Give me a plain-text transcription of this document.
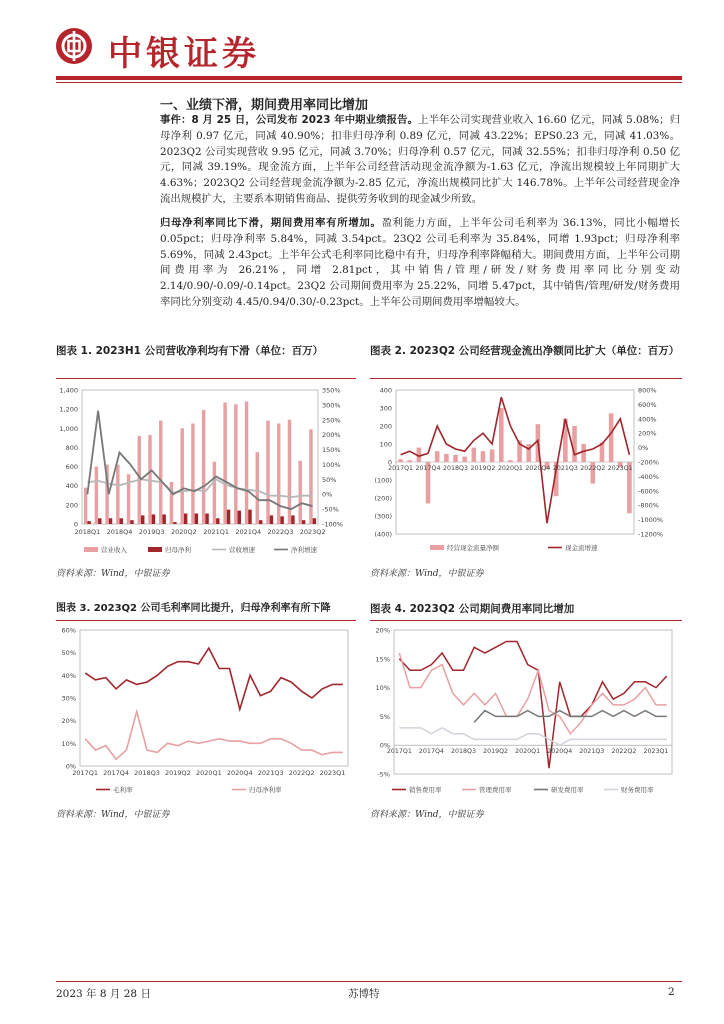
中银证券
一、业绩下滑，期间费用率同比增加
事件：8 月 25 日，公司发布 2023 年中期业绩报告。上半年公司实现营业收入 16.60 亿元，同减 5.08%；归母净利 0.97 亿元，同减 40.90%；扣非归母净利 0.89 亿元，同减 43.22%；EPS0.23 元，同减 41.03%。2023Q2 公司实现营收 9.95 亿元，同减 3.70%；归母净利 0.57 亿元，同减 32.55%；扣非归母净利 0.50 亿元，同减 39.19%。现金流方面，上半年公司经营活动现金流净额为-1.63 亿元，净流出规模较上年同期扩大 4.63%；2023Q2 公司经营现金流净额为-2.85 亿元，净流出规模同比扩大 146.78%。上半年公司经营现金净流出规模扩大，主要系本期销售商品、提供劳务收到的现金减少所致。
归母净利率同比下滑，期间费用率有所增加。盈利能力方面，上半年公司毛利率为 36.13%，同比小幅增长 0.05pct；归母净利率 5.84%，同减 3.54pct。23Q2 公司毛利率为 35.84%，同增 1.93pct；归母净利率 5.69%，同减 2.43pct。上半年公式毛利率同比稳中有升，归母净利率降幅稍大。期间费用方面，上半年公司期间费用率为 26.21%，同增 2.81pct，其中销售/管理/研发/财务费用率同比分别变动 2.14/0.90/-0.09/-0.14pct。23Q2 公司期间费用率为 25.22%，同增 5.47pct，其中销售/管理/研发/财务费用率同比分别变动 4.45/0.94/0.30/-0.23pct。上半年公司期间费用率增幅较大。
图表 1. 2023H1 公司营收净利均有下滑（单位：百万）
0
200
400
600
800
1,000
1,200
1,400
-100%
-50%
0%
50%
100%
150%
200%
250%
300%
350%
2018Q1 2018Q4 2019Q3 2020Q2 2021Q1 2021Q4 2022Q3 2023Q2
营业收入	归母净利	营收增速	净利增速
资料来源：Wind，中银证券
图表 2. 2023Q2 公司经营现金流出净额同比扩大（单位：百万）
(400)
(300)
(200)
(100)
0
100
200
300
400
-1200%
-1000%
-800%
-600%
-400%
-200%
0%
200%
400%
600%
800%
2017Q1 2017Q4 2018Q3 2019Q2 2020Q1 2020Q4 2021Q3 2022Q2 2023Q1
经营现金流量净额	现金流增速
资料来源：Wind，中银证券
图表 3. 2023Q2 公司毛利率同比提升，归母净利率有所下降
0%
10%
20%
30%
40%
50%
60%
2017Q1 2017Q4 2018Q3 2019Q2 2020Q1 2020Q4 2021Q3 2022Q2 2023Q1
毛利率	归母净利率
资料来源：Wind，中银证券
图表 4. 2023Q2 公司期间费用率同比增加
-5%
0%
5%
10%
15%
20%
2017Q1 2017Q4 2018Q3 2019Q2 2020Q1 2020Q4 2021Q3 2022Q2 2023Q1
销售费用率	管理费用率	研发费用率	财务费用率
资料来源：Wind，中银证券
2023 年 8 月 28 日	苏博特	2
